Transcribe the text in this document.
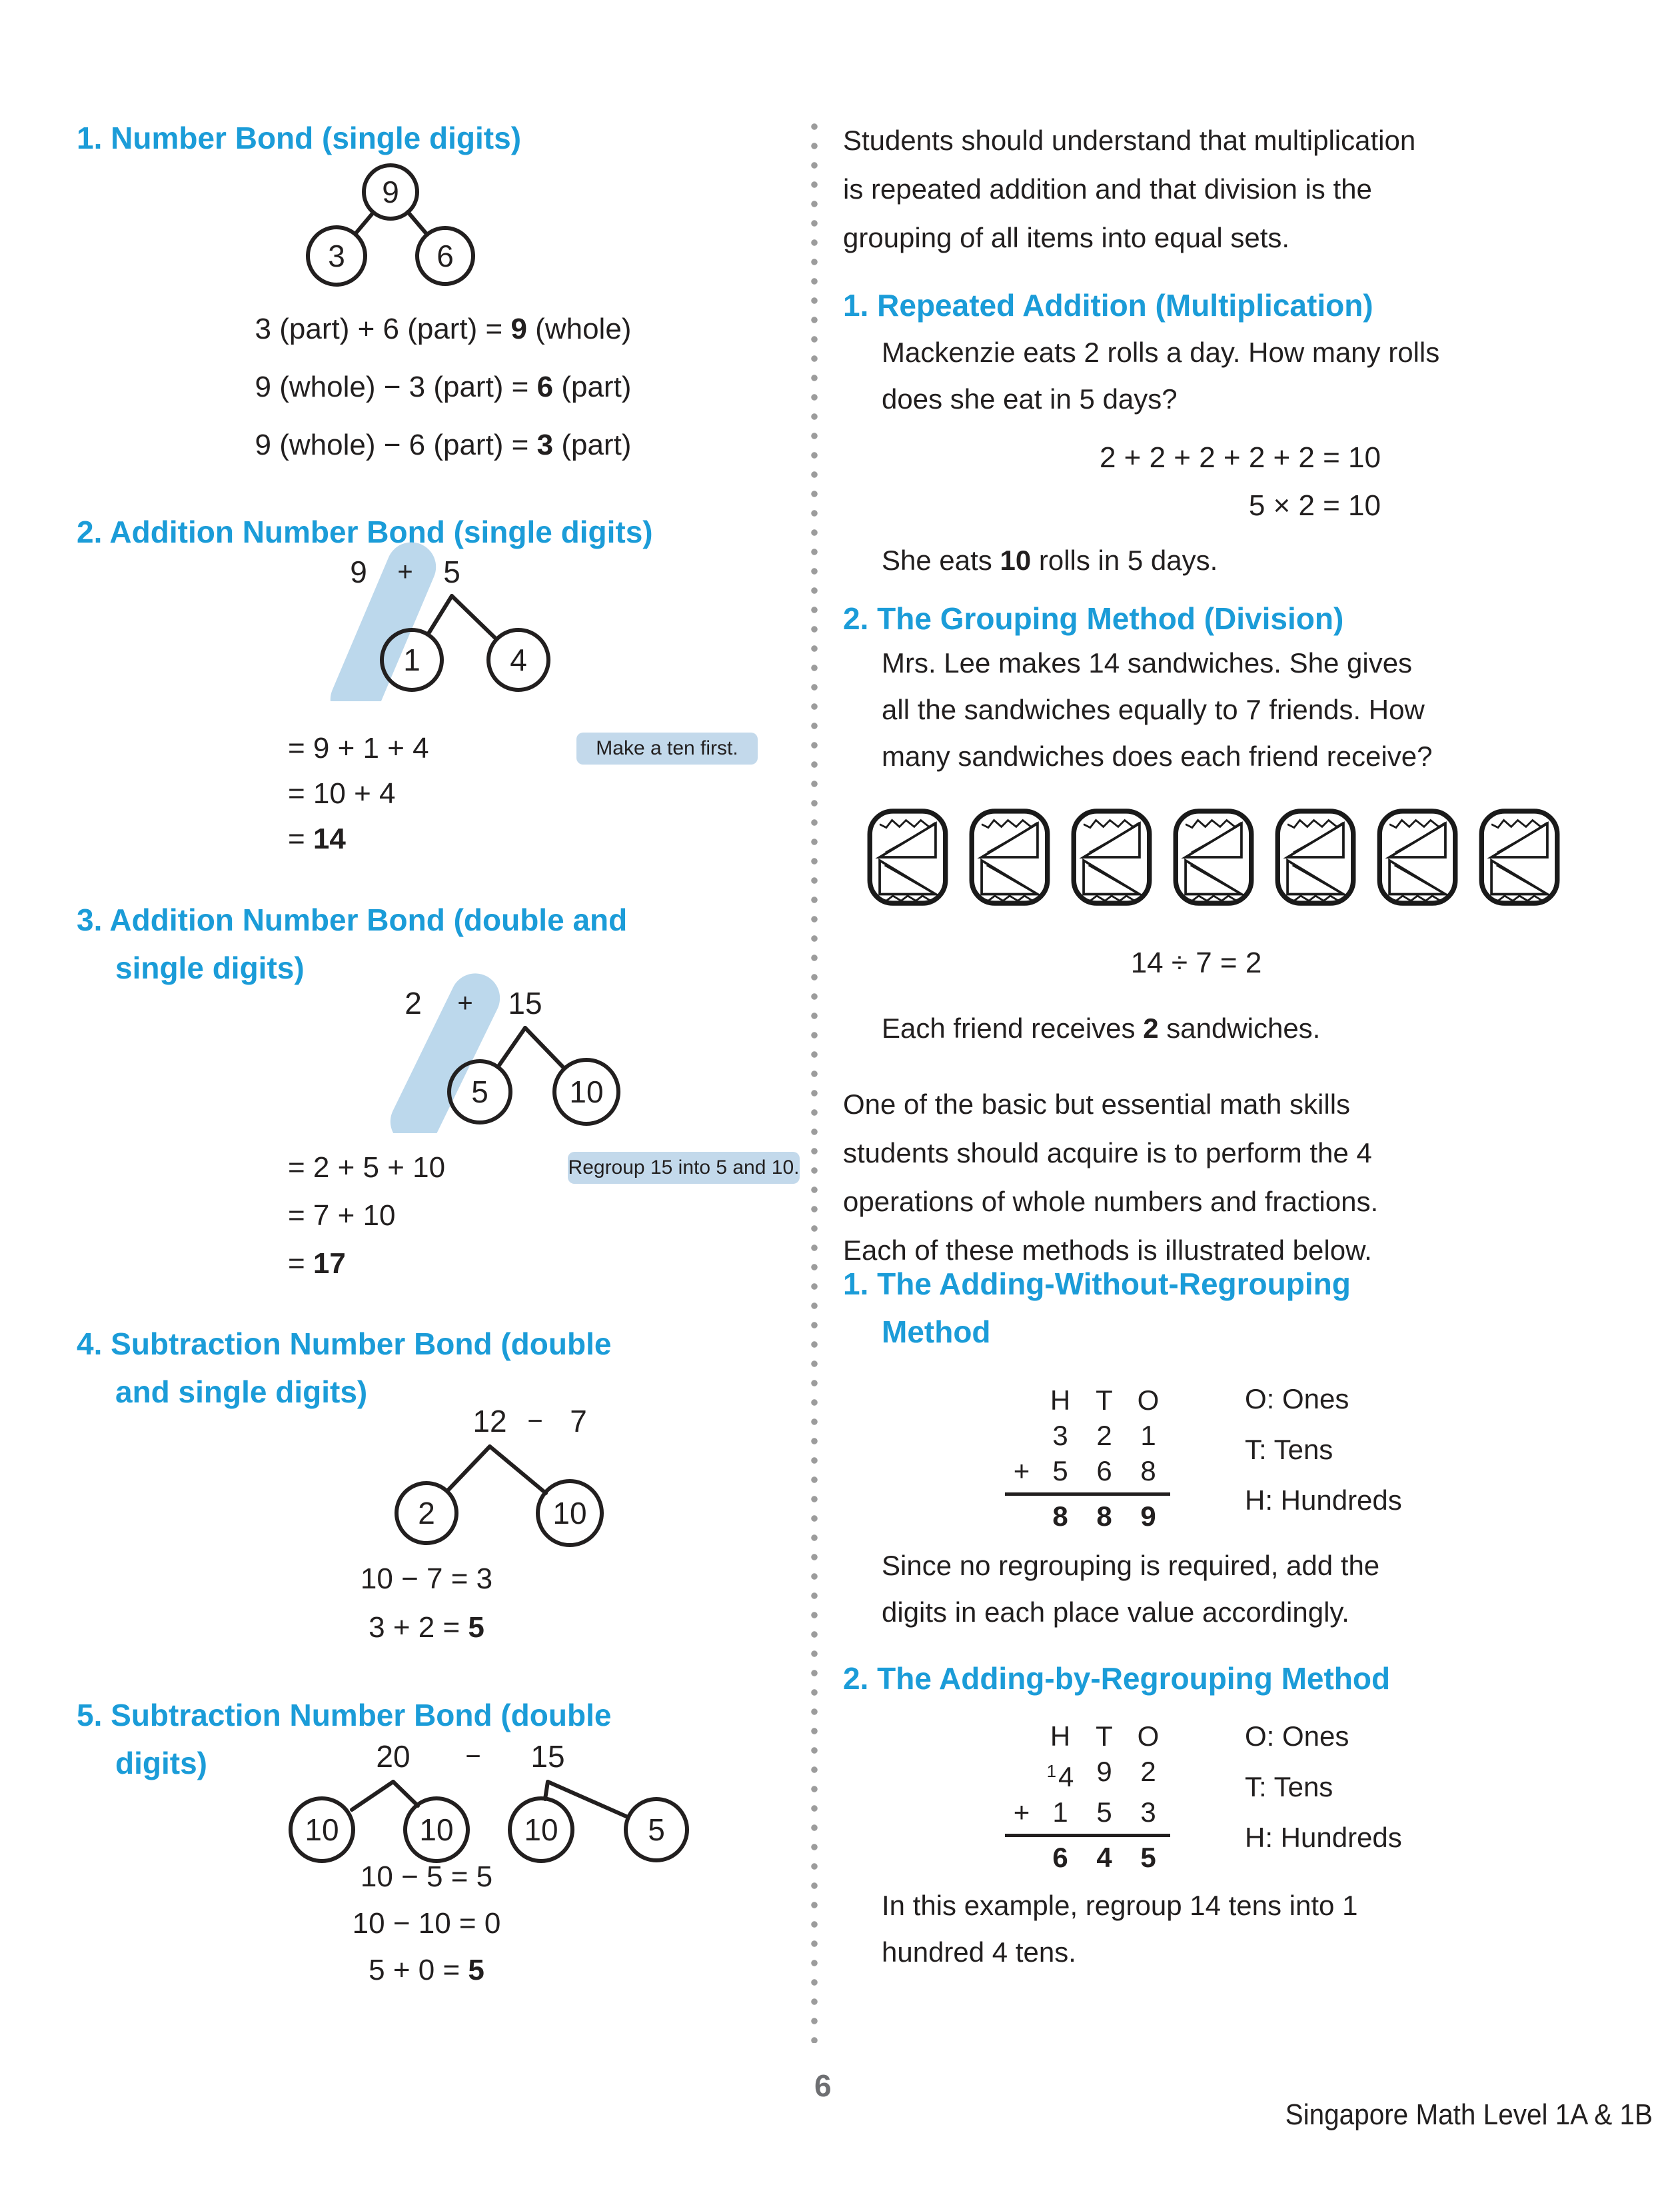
1. Number Bond (single digits)
9
3	6
3 (part) + 6 (part) = 9 (whole)
9 (whole) − 3 (part) = 6 (part)
9 (whole) − 6 (part) = 3 (part)
2. Addition Number Bond (single digits)
9 + 5
1	4
= 9 + 1 + 4
= 10 + 4
= 14
Make a ten first.
3. Addition Number Bond (double and
single digits)
2 + 15
5	10
= 2 + 5 + 10
= 7 + 10
= 17
Regroup 15 into 5 and 10.
4. Subtraction Number Bond (double
and single digits)
12 − 7
2	10
10 − 7 = 3
3 + 2 = 5
5. Subtraction Number Bond (double
digits)	20 − 15
10	10 10	5
10 − 5 = 5
10 − 10 = 0
5 + 0 = 5
Students should understand that multiplication
is repeated addition and that division is the
grouping of all items into equal sets.
1. Repeated Addition (Multiplication)
Mackenzie eats 2 rolls a day. How many rolls
does she eat in 5 days?
2 + 2 + 2 + 2 + 2 = 10
5 × 2 = 10
She eats 10 rolls in 5 days.
2. The Grouping Method (Division)
Mrs. Lee makes 14 sandwiches. She gives
all the sandwiches equally to 7 friends. How
many sandwiches does each friend receive?
14 ÷ 7 = 2
Each friend receives 2 sandwiches.
One of the basic but essential math skills
students should acquire is to perform the 4
operations of whole numbers and fractions.
Each of these methods is illustrated below.
1. The Adding-Without-Regrouping
Method
H T O
3	2	1
+ 5	6	8
8	8	9
O: Ones
T: Tens
H: Hundreds
Since no regrouping is required, add the
digits in each place value accordingly.
2. The Adding-by-Regrouping Method
H T O
$^1$4 9	2
+ 1	5	3
6	4	5
O: Ones
T: Tens
H: Hundreds
In this example, regroup 14 tens into 1
hundred 4 tens.
6
Singapore Math Level 1A & 1B
